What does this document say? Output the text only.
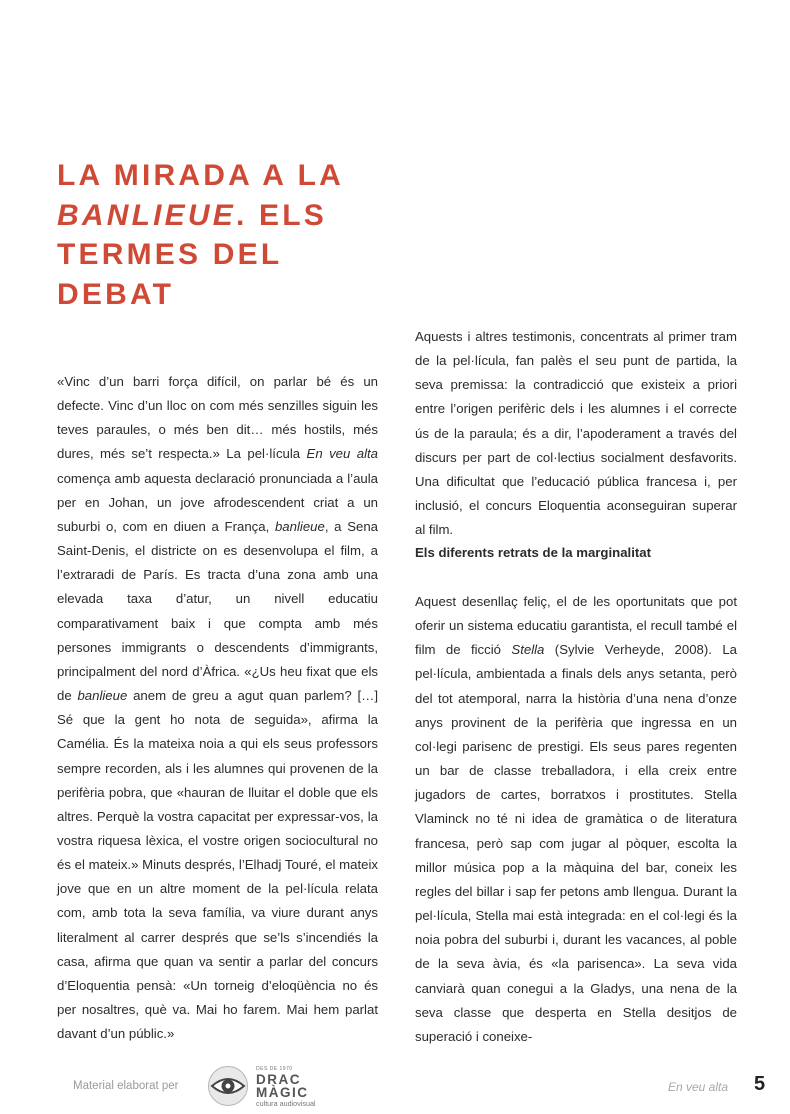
LA MIRADA A LA
BANLIEUE. ELS TERMES DEL DEBAT

«Vinc d’un barri força difícil, on parlar bé és un defecte. Vinc d’un lloc on com més senzilles siguin les teves paraules, o més ben dit… més hostils, més dures, més se’t respecta.» La pel·lícula En veu alta comença amb aquesta declaració pronunciada a l’aula per en Johan, un jove afrodescendent criat a un suburbi o, com en diuen a França, banlieue, a Sena Saint-Denis, el districte on es desenvolupa el film, a l’extraradi de París. Es tracta d’una zona amb una elevada taxa d’atur, un nivell educatiu comparativament baix i que compta amb més persones immigrants o descendents d’immigrants, principalment del nord d’Àfrica. «¿Us heu fixat que els de banlieue anem de greu a agut quan parlem? […] Sé que la gent ho nota de seguida», afirma la Camélia. És la mateixa noia a qui els seus professors sempre recorden, als i les alumnes qui provenen de la perifèria pobra, que «hauran de lluitar el doble que els altres. Perquè la vostra capacitat per expressar-vos, la vostra riquesa lèxica, el vostre origen sociocultural no és el mateix.» Minuts després, l’Elhadj Touré, el mateix jove que en un altre moment de la pel·lícula relata com, amb tota la seva família, va viure durant anys literalment al carrer després que se’ls s’incendiés la casa, afirma que quan va sentir a parlar del concurs d’Eloquentia pensà: «Un torneig d’eloqüència no és per nosaltres, què va. Mai ho farem. Mai hem parlat davant d’un públic.»

Aquests i altres testimonis, concentrats al primer tram de la pel·lícula, fan palès el seu punt de partida, la seva premissa: la contradicció que existeix a priori entre l’origen perifèric dels i les alumnes i el correcte ús de la paraula; és a dir, l’apoderament a través del discurs per part de col·lectius socialment desfavorits. Una dificultat que l’educació pública francesa i, per inclusió, el concurs Eloquentia aconseguiran superar al film.

Els diferents retrats de la marginalitat

Aquest desenllaç feliç, el de les oportunitats que pot oferir un sistema educatiu garantista, el recull també el film de ficció Stella (Sylvie Verheyde, 2008). La pel·lícula, ambientada a finals dels anys setanta, però del tot atemporal, narra la història d’una nena d’onze anys provinent de la perifèria que ingressa en un col·legi parisenc de prestigi. Els seus pares regenten un bar de classe treballadora, i ella creix entre jugadors de cartes, borratxos i prostitutes. Stella Vlaminck no té ni idea de gramàtica o de literatura francesa, però sap com jugar al pòquer, escolta la millor música pop a la màquina del bar, coneix les regles del billar i sap fer petons amb llengua. Durant la pel·lícula, Stella mai està integrada: en el col·legi és la noia pobra del suburbi i, durant les vacances, al poble de la seva àvia, és «la parisenca». La seva vida canviarà quan conegui a la Gladys, una nena de la seva classe que desperta en Stella desitjos de superació i coneixe-

Material elaborat per
DES DE 1970
DRAC
MÀGIC
cultura audiovisual
En veu alta 5
